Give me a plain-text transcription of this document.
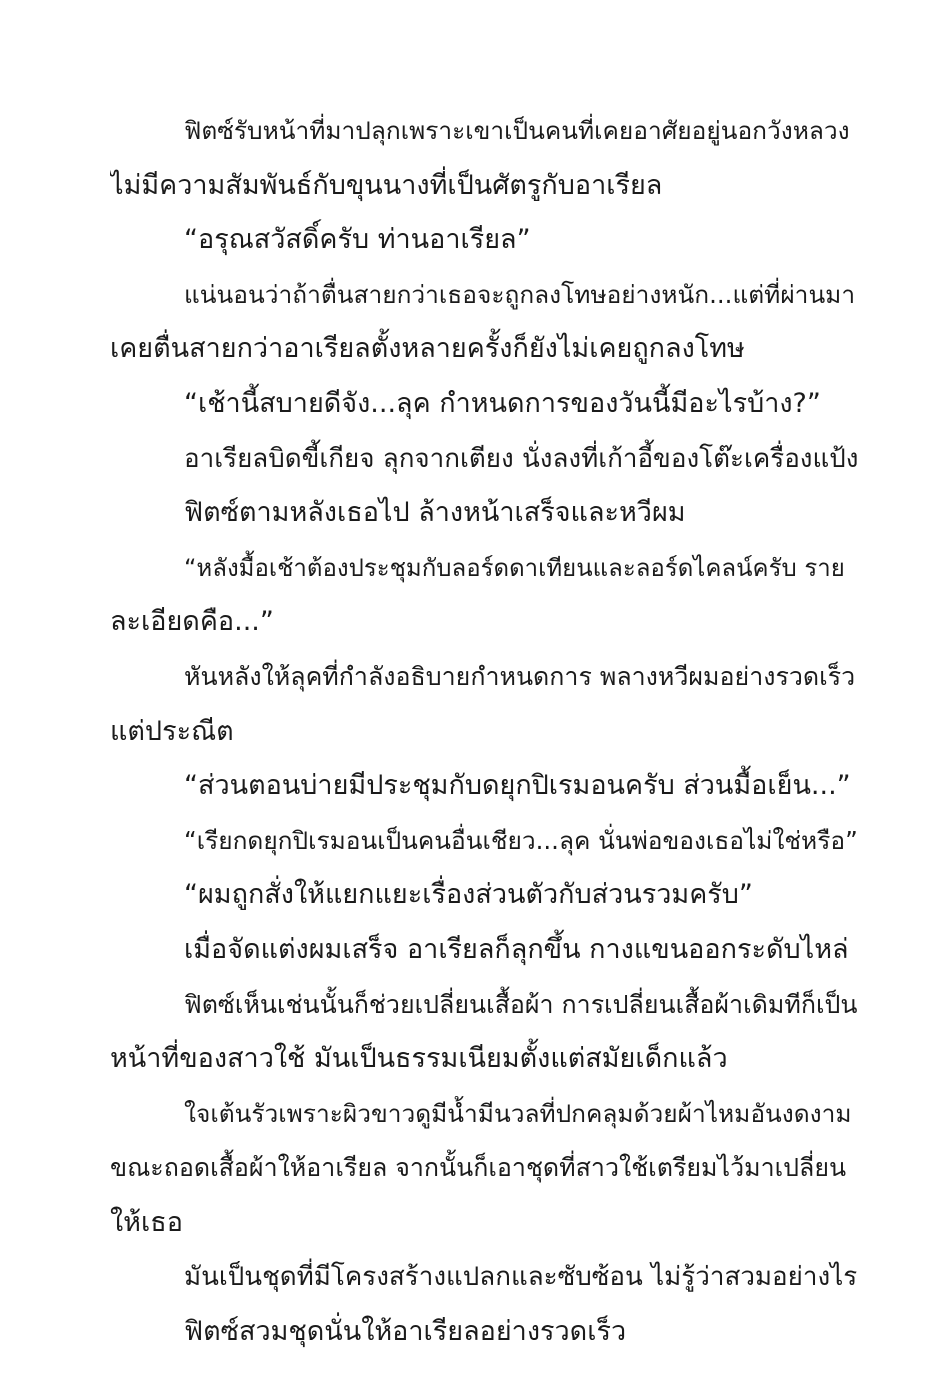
ฟิตซ์รับหน้าที่มาปลุกเพราะเขาเป็นคนที่เคยอาศัยอยู่นอกวังหลวง
ไม่มีความสัมพันธ์กับขุนนางที่เป็นศัตรูกับอาเรียล
“อรุณสวัสดิ์ครับ ท่านอาเรียล”
แน่นอนว่าถ้าตื่นสายกว่าเธอจะถูกลงโทษอย่างหนัก...แต่ที่ผ่านมา
เคยตื่นสายกว่าอาเรียลตั้งหลายครั้งก็ยังไม่เคยถูกลงโทษ
“เช้านี้สบายดีจัง...ลุค กำหนดการของวันนี้มีอะไรบ้าง?”
อาเรียลบิดขี้เกียจ ลุกจากเตียง นั่งลงที่เก้าอี้ของโต๊ะเครื่องแป้ง
ฟิตซ์ตามหลังเธอไป ล้างหน้าเสร็จและหวีผม
“หลังมื้อเช้าต้องประชุมกับลอร์ดดาเทียนและลอร์ดไคลน์ครับ ราย
ละเอียดคือ...”
หันหลังให้ลุคที่กำลังอธิบายกำหนดการ พลางหวีผมอย่างรวดเร็ว
แต่ประณีต
“ส่วนตอนบ่ายมีประชุมกับดยุกปิเรมอนครับ ส่วนมื้อเย็น...”
“เรียกดยุกปิเรมอนเป็นคนอื่นเชียว...ลุค นั่นพ่อของเธอไม่ใช่หรือ”
“ผมถูกสั่งให้แยกแยะเรื่องส่วนตัวกับส่วนรวมครับ”
เมื่อจัดแต่งผมเสร็จ อาเรียลก็ลุกขึ้น กางแขนออกระดับไหล่
ฟิตซ์เห็นเช่นนั้นก็ช่วยเปลี่ยนเสื้อผ้า การเปลี่ยนเสื้อผ้าเดิมทีก็เป็น
หน้าที่ของสาวใช้ มันเป็นธรรมเนียมตั้งแต่สมัยเด็กแล้ว
ใจเต้นรัวเพราะผิวขาวดูมีน้ำมีนวลที่ปกคลุมด้วยผ้าไหมอันงดงาม
ขณะถอดเสื้อผ้าให้อาเรียล จากนั้นก็เอาชุดที่สาวใช้เตรียมไว้มาเปลี่ยน
ให้เธอ
มันเป็นชุดที่มีโครงสร้างแปลกและซับซ้อน ไม่รู้ว่าสวมอย่างไร
ฟิตซ์สวมชุดนั่นให้อาเรียลอย่างรวดเร็ว
